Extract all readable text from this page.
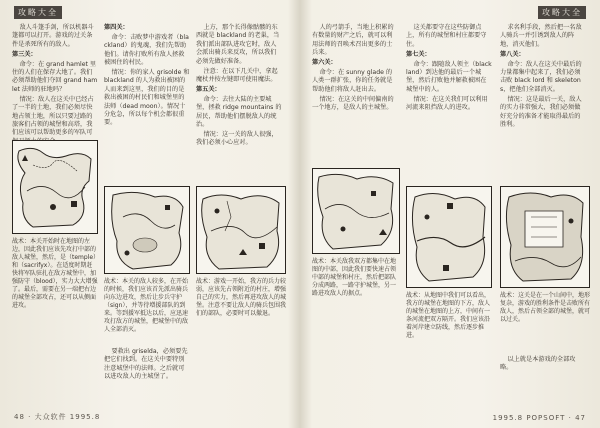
攻略大全

敌人斗篷手剑，所以机器斗篷都可以打开。游戏的过关条件是杀死所有的敌人。

第三关：

命令：在 grand hamlet 里住的人们在保存大地了。我们必须帮助他们夺回 grand hamlet 法师的驻地吗？

情况：敌人在这关中已经占了一半的土地，我们必须尽快地占领土地，所以只要过路的旅客们占领的城堡和高塔，我们应该可以帮助更多的军队可

战术：本关开始时在地图的左边，因此我们应该先攻打中部的敌人城堡，然后，是（temple）和（sacrifyx）。在适度时期赶快将军队驻扎在敌方城堡中，加强防守（blood），实力大大增强了。最后，需要在另一端把右边的城堡全部攻占，还可以从侧面进攻。

第四关：

命令：击败梦中游戏者（blackland）的鬼魂，我们先帮助他们。请你打败所有敌人拯救被困住的村民。

情况：你的家人 grisolde 和 blackland 的人为救出被困的人而来到这里，我们的目的是救出被困的村民们和城堡里的法师（dead moon）。情况十分危急，所以每个机会都很重要。

战术：本关的敌人较多，在开始的时候，我们应该首先派出骑兵向东边进攻，然后让步兵守护（sign），并等待增援部队的到来。等到援军抵达以后，应迅速攻打敌方的城堡，把城堡中的敌人全部消灭。

要救出 griselda，必须要先把它们找到。在这关中要特别注意城堡中的法师。之后就可以进攻敌人的主城堡了。

上方，那个长得像骷髅的东西就是 blackland 的老巢，当我们派出部队进攻它时，敌人会派出骑兵来反攻，所以我们必须先做好准备。

注意：在以下几关中，拿起魔杖并按左键即可使用魔法。

第五关：

命令：去往大陆的主要城堡，拯救 ridge mountains 的居民，帮助他们摆脱敌人的统治。

情况：这一关的敌人很强，我们必须小心应对。

战术：游戏一开始，我方的兵力较弱，应该先占领附近的村庄，增强自己的实力，然后再进攻敌人的城堡。注意不要让敌人的骑兵包围我们的部队，必要时可以撤退。
48 · 大众软件 1995.8
攻略大全

人的弓箭手，当地上积累的有数量的财产之后，就可以利用法师的召唤术召出更多的士兵来。

第六关：

命令：在 sunny glade 的人类一群扩张，你的任务就是帮助他们将敌人赶出去。

情况：在这关的中间偏南的一个地方，是敌人的主城堡。

战术：本关敌我双方都集中在地图的中部，因此我们要快速占领中部的城堡和村庄，然后把部队分成两路，一路守护城堡，另一路进攻敌人的据点。

这关都要守在这些防御点上，所有的城堡和村庄都要守住。

第七关：

命令：跟随敌人领主（blackland）到达他的最后一个城堡，然后打败他并解救被困在城堡中的人。

情况：在这关我们可以利用河流来阻挡敌人的进攻。

战术：从地图中我们可以看出，我方的城堡在地图的下方，敌人的城堡在地图的上方，中间有一条河流把双方隔开。我们应该沿着河岸建立防线，然后逐步推进。

求名利手段，然后把一名敌人骑兵一并引诱到敌人的阵地，消灭他们。

第八关：

命令：敌人在这关中最后的力量都集中起来了，我们必须击败 black lord 和 skeletons，把他们全部消灭。

情况：这是最后一关，敌人的实力非常强大，我们必须做好充分的准备才能取得最后的胜利。

战术：这关是在一个山间中，地形复杂，游戏的胜利条件是击败所有敌人，然后占领全部的城堡，就可以过关。

以上就是本游戏的全部攻略。

1995.8 POPSOFT · 47
